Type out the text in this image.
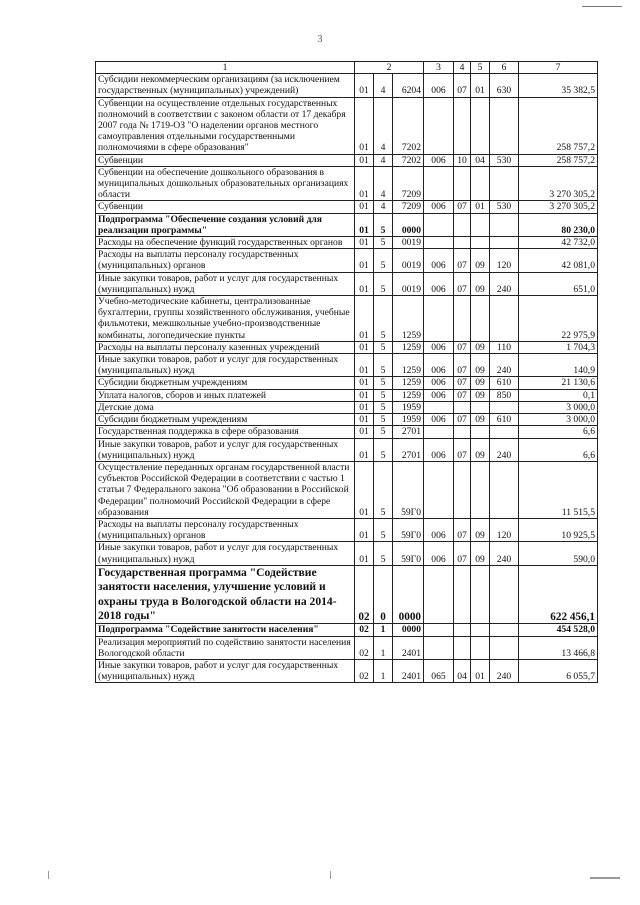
3
1	2			3	4	5	6	7
Субсидии некоммерческим организациям (за исключением государственных (муниципальных) учреждений)	01	4	6204	006	07	01	630	35 382,5
Субвенции на осуществление отдельных государственных полномочий в соответствии с законом области от 17 декабря 2007 года № 1719-ОЗ "О наделении органов местного самоуправления отдельными государственными полномочиями в сфере образования"	01	4	7202					258 757,2
Субвенции	01	4	7202	006	10	04	530	258 757,2
Субвенции на обеспечение дошкольного образования в муниципальных дошкольных образовательных организациях области	01	4	7209					3 270 305,2
Субвенции	01	4	7209	006	07	01	530	3 270 305,2
Подпрограмма "Обеспечение создания условий для реализации программы"	01	5	0000					80 230,0
Расходы на обеспечение функций государственных органов	01	5	0019					42 732,0
Расходы на выплаты персоналу государственных (муниципальных) органов	01	5	0019	006	07	09	120	42 081,0
Иные закупки товаров, работ и услуг для государственных (муниципальных) нужд	01	5	0019	006	07	09	240	651,0
Учебно-методические кабинеты, централизованные бухгалтерии, группы хозяйственного обслуживания, учебные фильмотеки, межшкольные учебно-производственные комбинаты, логопедические пункты	01	5	1259					22 975,9
Расходы на выплаты персоналу казенных учреждений	01	5	1259	006	07	09	110	1 704,3
Иные закупки товаров, работ и услуг для государственных (муниципальных) нужд	01	5	1259	006	07	09	240	140,9
Субсидии бюджетным учреждениям	01	5	1259	006	07	09	610	21 130,6
Уплата налогов, сборов и иных платежей	01	5	1259	006	07	09	850	0,1
Детские дома	01	5	1959					3 000,0
Субсидии бюджетным учреждениям	01	5	1959	006	07	09	610	3 000,0
Государственная поддержка в сфере образования	01	5	2701					6,6
Иные закупки товаров, работ и услуг для государственных (муниципальных) нужд	01	5	2701	006	07	09	240	6,6
Осуществление переданных органам государственной власти субъектов Российской Федерации в соответствии с частью 1 статьи 7 Федерального закона "Об образовании в Российской Федерации" полномочий Российской Федерации в сфере образования	01	5	59Г0					11 515,5
Расходы на выплаты персоналу государственных (муниципальных) органов	01	5	59Г0	006	07	09	120	10 925,5
Иные закупки товаров, работ и услуг для государственных (муниципальных) нужд	01	5	59Г0	006	07	09	240	590,0
Государственная программа "Содействие занятости населения, улучшение условий и охраны труда в Вологодской области на 2014-2018 годы"	02	0	0000					622 456,1
Подпрограмма "Содействие занятости населения"	02	1	0000					454 528,0
Реализация мероприятий по содействию занятости населения Вологодской области	02	1	2401					13 466,8
Иные закупки товаров, работ и услуг для государственных (муниципальных) нужд	02	1	2401	065	04	01	240	6 055,7
